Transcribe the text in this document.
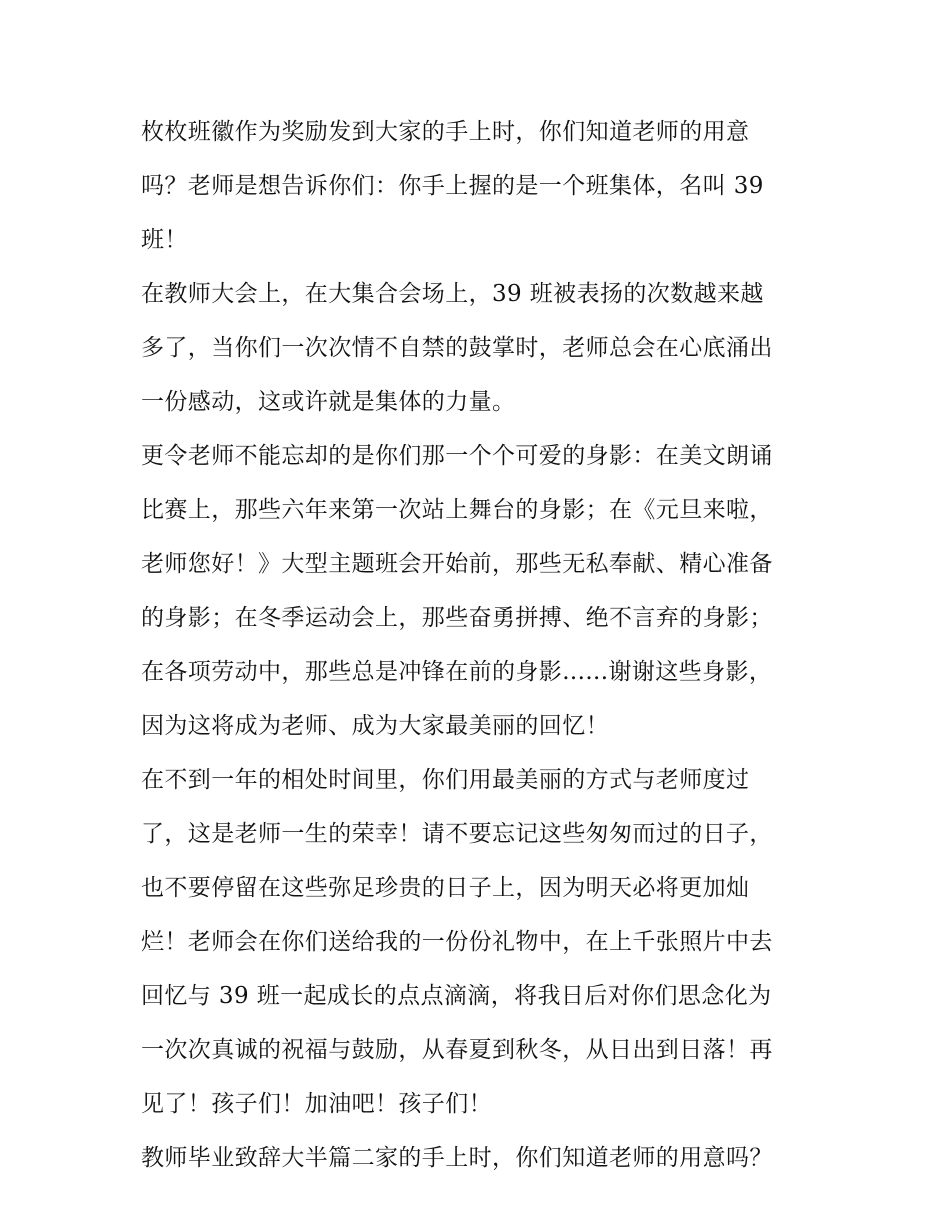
枚枚班徽作为奖励发到大家的手上时，你们知道老师的用意
吗？老师是想告诉你们：你手上握的是一个班集体，名叫 39
班！
在教师大会上，在大集合会场上，39 班被表扬的次数越来越
多了，当你们一次次情不自禁的鼓掌时，老师总会在心底涌出
一份感动，这或许就是集体的力量。
更令老师不能忘却的是你们那一个个可爱的身影：在美文朗诵
比赛上，那些六年来第一次站上舞台的身影；在《元旦来啦，
老师您好！》大型主题班会开始前，那些无私奉献、精心准备
的身影；在冬季运动会上，那些奋勇拼搏、绝不言弃的身影；
在各项劳动中，那些总是冲锋在前的身影......谢谢这些身影，
因为这将成为老师、成为大家最美丽的回忆！
在不到一年的相处时间里，你们用最美丽的方式与老师度过
了，这是老师一生的荣幸！请不要忘记这些匆匆而过的日子，
也不要停留在这些弥足珍贵的日子上，因为明天必将更加灿
烂！老师会在你们送给我的一份份礼物中，在上千张照片中去
回忆与 39 班一起成长的点点滴滴，将我日后对你们思念化为
一次次真诚的祝福与鼓励，从春夏到秋冬，从日出到日落！再
见了！孩子们！加油吧！孩子们！
教师毕业致辞大半篇二家的手上时，你们知道老师的用意吗？
